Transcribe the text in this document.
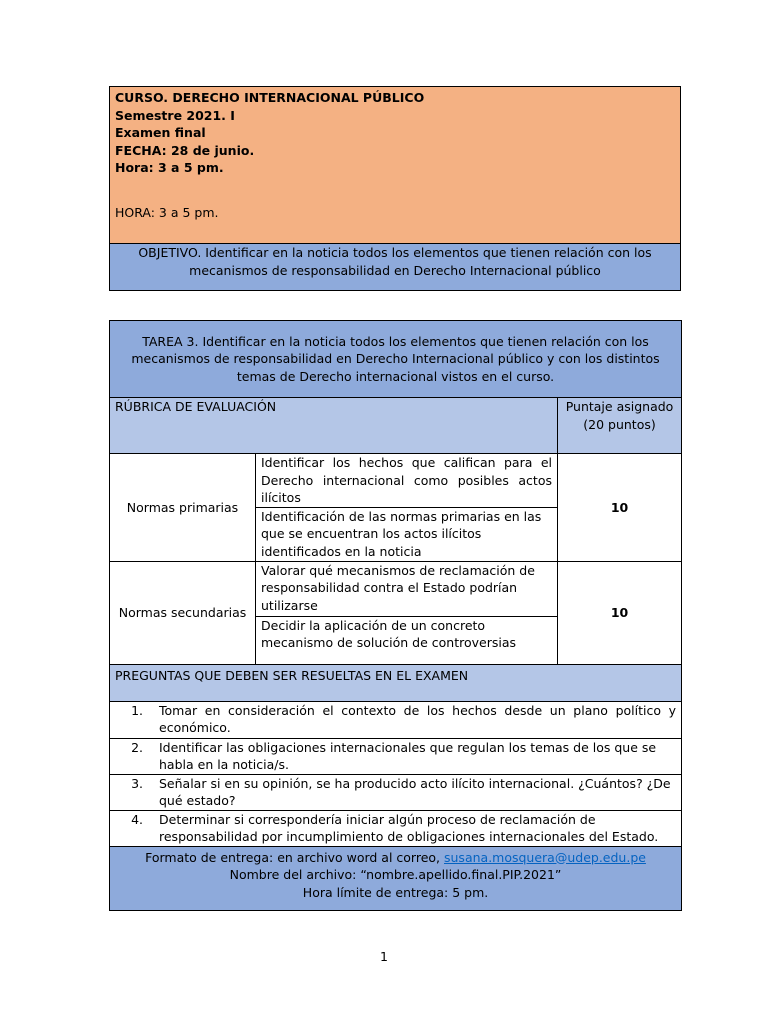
CURSO. DERECHO INTERNACIONAL PÚBLICO
Semestre 2021. I
Examen final
FECHA: 28 de junio.
Hora: 3 a 5 pm.
HORA: 3 a 5 pm.
OBJETIVO. Identificar en la noticia todos los elementos que tienen relación con los
mecanismos de responsabilidad en Derecho Internacional público
TAREA 3. Identificar en la noticia todos los elementos que tienen relación con los
mecanismos de responsabilidad en Derecho Internacional público y con los distintos
temas de Derecho internacional vistos en el curso.		

RÚBRICA DE EVALUACIÓN		Puntaje asignado
(20 puntos)

Normas primarias	Identificar los hechos que califican para el Derecho internacional como posibles actos ilícitos	10
	Identificación de las normas primarias en las que se encuentran los actos ilícitos identificados en la noticia	
Normas secundarias	Valorar qué mecanismos de reclamación de responsabilidad contra el Estado podrían utilizarse	10
	Decidir la aplicación de un concreto mecanismo de solución de controversias	
PREGUNTAS QUE DEBEN SER RESUELTAS EN EL EXAMEN		

1. Tomar en consideración el contexto de los hechos desde un plano político y económico.		

2. Identificar las obligaciones internacionales que regulan los temas de los que se habla en la noticia/s.		

3. Señalar si en su opinión, se ha producido acto ilícito internacional. ¿Cuántos? ¿De qué estado?		

4. Determinar si correspondería iniciar algún proceso de reclamación de responsabilidad por incumplimiento de obligaciones internacionales del Estado.		

Formato de entrega: en archivo word al correo, susana.mosquera@udep.edu.pe
Nombre del archivo: “nombre.apellido.final.PIP.2021”
Hora límite de entrega: 5 pm.		
1
